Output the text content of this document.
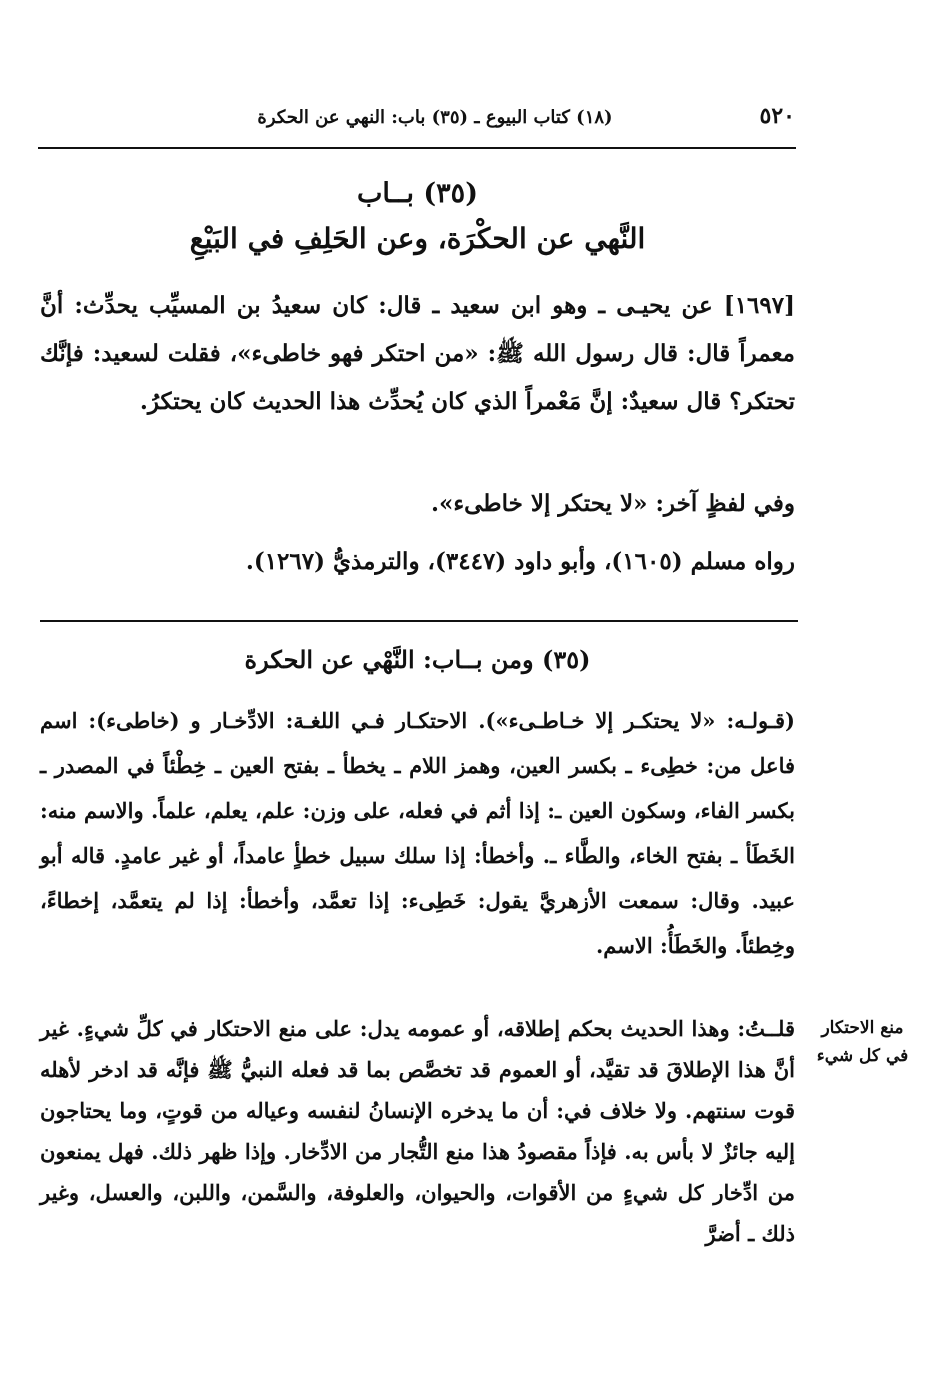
٥٢٠
(١٨) كتاب البيوع ـ (٣٥) باب: النهي عن الحكرة
(٣٥) بــاب
النَّهي عن الحكْرَة، وعن الحَلِفِ في البَيْعِ
[١٦٩٧] عن يحيـى ـ وهو ابن سعيد ـ قال: كان سعيدُ بن المسيِّب يحدِّث: أنَّ معمراً قال: قال رسول الله ﷺ: «من احتكر فهو خاطىء»، فقلت لسعيد: فإنَّك تحتكر؟ قال سعيدٌ: إنَّ مَعْمراً الذي كان يُحدِّث هذا الحديث كان يحتكرُ.
وفي لفظٍ آخر: «لا يحتكر إلا خاطىء».
رواه مسلم (١٦٠٥)، وأبو داود (٣٤٤٧)، والترمذيُّ (١٢٦٧).
(٣٥) ومن بــاب: النَّهْي عن الحكرة
(قـولـه: «لا يحتكـر إلا خـاطـىء»). الاحتكـار فـي اللغـة: الادِّخـار و (خاطىء): اسم فاعل من: خطِىء ـ بكسر العين، وهمز اللام ـ يخطأ ـ بفتح العين ـ خِطْئاً في المصدر ـ بكسر الفاء، وسكون العين ـ: إذا أثم في فعله، على وزن: علم، يعلم، علماً. والاسم منه: الخَطَأ ـ بفتح الخاء، والطَّاء ـ. وأخطأ: إذا سلك سبيل خطأٍ عامداً، أو غير عامدٍ. قاله أبو عبيد. وقال: سمعت الأزهريَّ يقول: خَطِىء: إذا تعمَّد، وأخطأ: إذا لم يتعمَّد، إخطاءً، وخِطئاً. والخَطَأُ: الاسم.
قلــتُ: وهذا الحديث بحكم إطلاقه، أو عمومه يدل: على منع الاحتكار في كلِّ شيءٍ. غير أنَّ هذا الإطلاقَ قد تقيَّد، أو العموم قد تخصَّص بما قد فعله النبيُّ ﷺ فإنَّه قد ادخر لأهله قوت سنتهم. ولا خلاف في: أن ما يدخره الإنسانُ لنفسه وعياله من قوتٍ، وما يحتاجون إليه جائزٌ لا بأس به. فإذاً مقصودُ هذا منع التُّجار من الادِّخار. وإذا ظهر ذلك. فهل يمنعون من ادِّخار كل شيءٍ من الأقوات، والحيوان، والعلوفة، والسَّمن، واللبن، والعسل، وغير ذلك ـ أضرَّ
منع الاحتكار
في كل شيء
